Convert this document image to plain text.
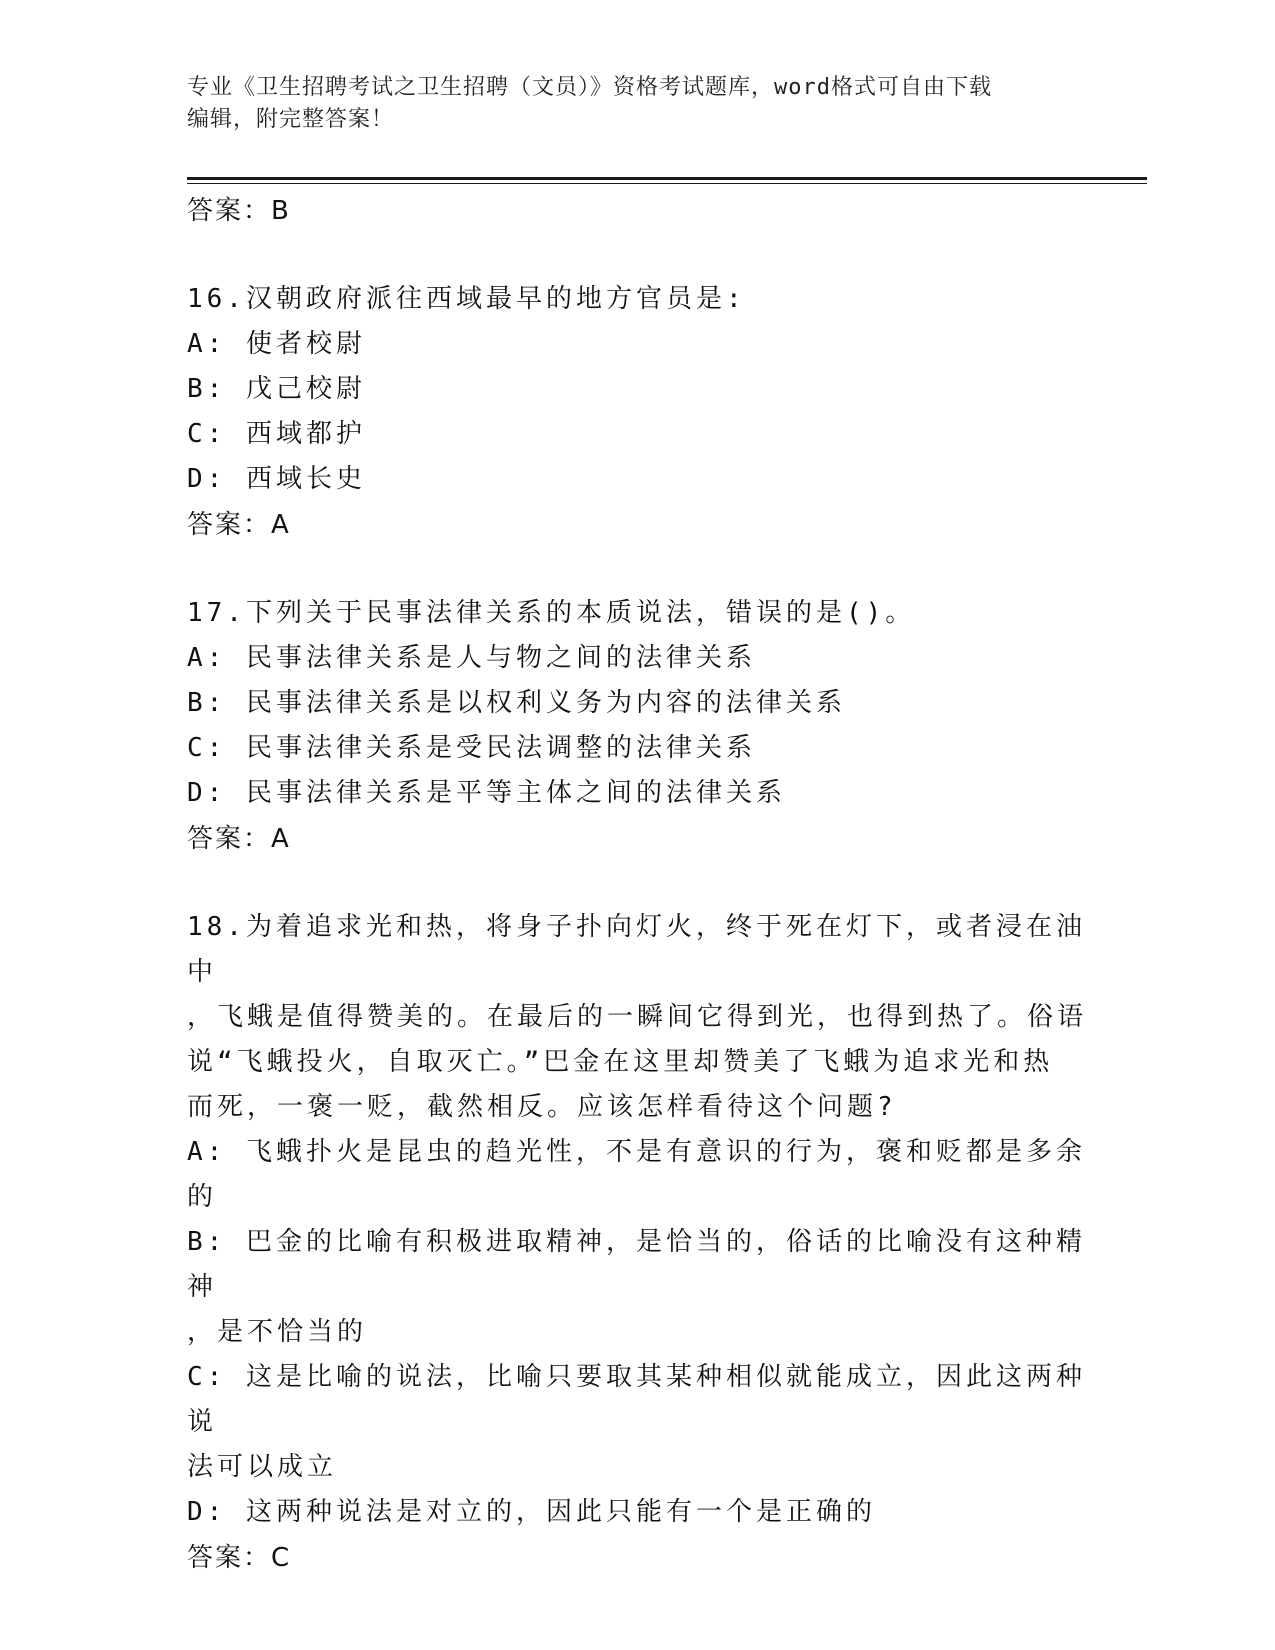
专业《卫生招聘考试之卫生招聘（文员）》资格考试题库，word格式可自由下载
编辑，附完整答案！
答案：B
16.汉朝政府派往西域最早的地方官员是:
A: 使者校尉
B: 戊己校尉
C: 西域都护
D: 西域长史
答案：A
17.下列关于民事法律关系的本质说法，错误的是()。
A: 民事法律关系是人与物之间的法律关系
B: 民事法律关系是以权利义务为内容的法律关系
C: 民事法律关系是受民法调整的法律关系
D: 民事法律关系是平等主体之间的法律关系
答案：A
18.为着追求光和热，将身子扑向灯火，终于死在灯下，或者浸在油中
，飞蛾是值得赞美的。在最后的一瞬间它得到光，也得到热了。俗语
说“飞蛾投火，自取灭亡。”巴金在这里却赞美了飞蛾为追求光和热
而死，一褒一贬，截然相反。应该怎样看待这个问题?
A: 飞蛾扑火是昆虫的趋光性，不是有意识的行为，褒和贬都是多余的
B: 巴金的比喻有积极进取精神，是恰当的，俗话的比喻没有这种精神
，是不恰当的
C: 这是比喻的说法，比喻只要取其某种相似就能成立，因此这两种说
法可以成立
D: 这两种说法是对立的，因此只能有一个是正确的
答案：C
